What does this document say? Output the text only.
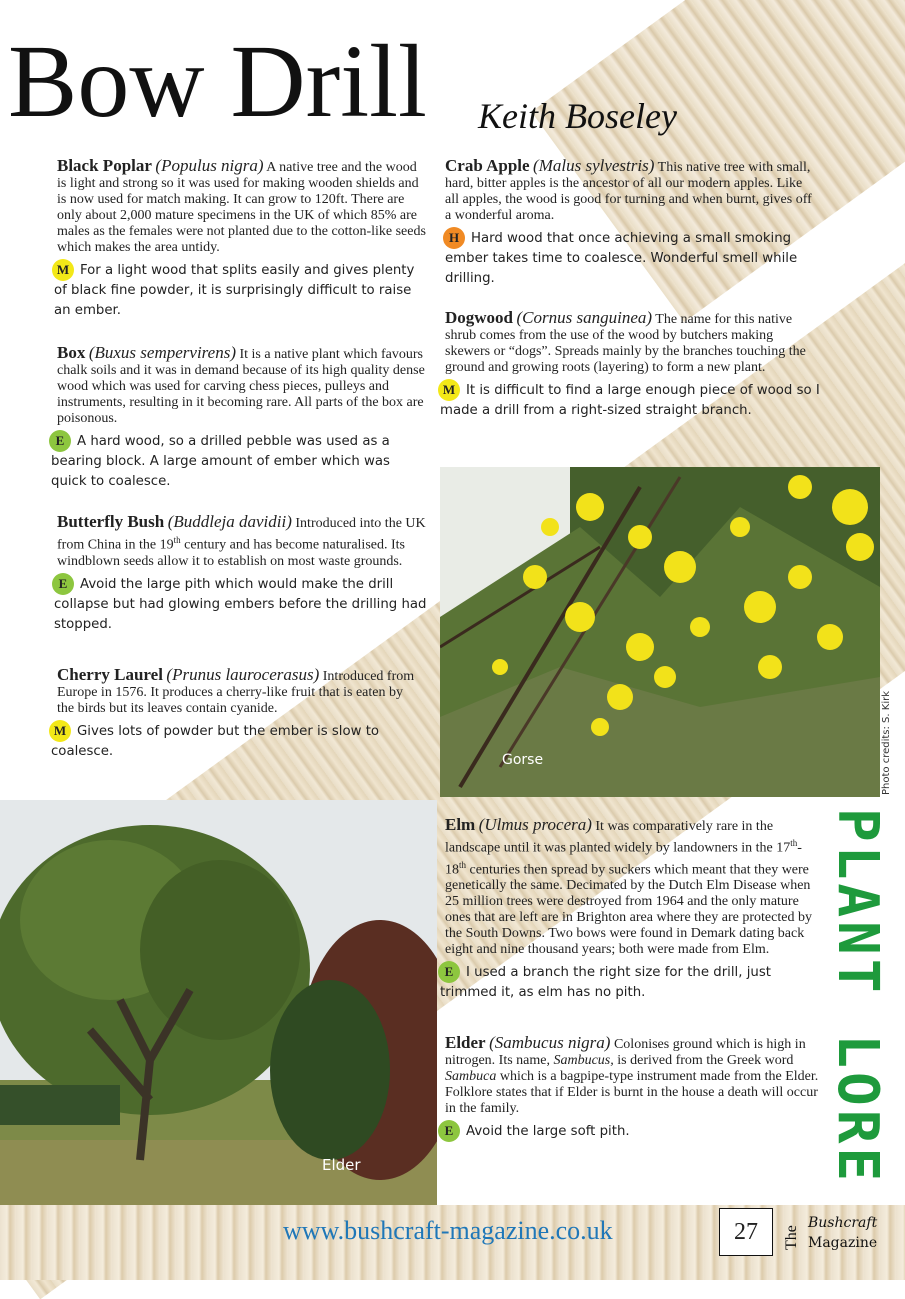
Bow Drill Keith Boseley
Black Poplar (Populus nigra) A native tree and the wood is light and strong so it was used for making wooden shields and is now used for match making. It can grow to 120ft. There are only about 2,000 mature specimens in the UK of which 85% are males as the females were not planted due to the cotton-like seeds which makes the area untidy.
M For a light wood that splits easily and gives plenty of black fine powder, it is surprisingly difficult to raise an ember.
Box (Buxus sempervirens) It is a native plant which favours chalk soils and it was in demand because of its high quality dense wood which was used for carving chess pieces, pulleys and instruments, resulting in it becoming rare. All parts of the box are poisonous.
E A hard wood, so a drilled pebble was used as a bearing block. A large amount of ember which was quick to coalesce.
Butterfly Bush (Buddleja davidii) Introduced into the UK from China in the 19th century and has become naturalised. Its windblown seeds allow it to establish on most waste grounds.
E Avoid the large pith which would make the drill collapse but had glowing embers before the drilling had stopped.
Cherry Laurel (Prunus laurocerasus) Introduced from Europe in 1576. It produces a cherry-like fruit that is eaten by the birds but its leaves contain cyanide.
M Gives lots of powder but the ember is slow to coalesce.
Crab Apple (Malus sylvestris) This native tree with small, hard, bitter apples is the ancestor of all our modern apples. Like all apples, the wood is good for turning and when burnt, gives off a wonderful aroma.
H Hard wood that once achieving a small smoking ember takes time to coalesce. Wonderful smell while drilling.
Dogwood (Cornus sanguinea) The name for this native shrub comes from the use of the wood by butchers making skewers or “dogs”. Spreads mainly by the branches touching the ground and growing roots (layering) to form a new plant.
M It is difficult to find a large enough piece of wood so I made a drill from a right-sized straight branch.
Gorse	Photo credits: S. Kirk
Elder
Elm (Ulmus procera) It was comparatively rare in the landscape until it was planted widely by landowners in the 17th-18th centuries then spread by suckers which meant that they were genetically the same. Decimated by the Dutch Elm Disease when 25 million trees were destroyed from 1964 and the only mature ones that are left are in Brighton area where they are protected by the South Downs. Two bows were found in Demark dating back eight and nine thousand years; both were made from Elm.
E I used a branch the right size for the drill, just trimmed it, as elm has no pith.
Elder (Sambucus nigra) Colonises ground which is high in nitrogen. Its name, Sambucus, is derived from the Greek word Sambuca which is a bagpipe-type instrument made from the Elder. Folklore states that if Elder is burnt in the house a death will occur in the family.
E Avoid the large soft pith.	PLANT LORE
www.bushcraft-magazine.co.uk	27	The
Bushcraft
Magazine
